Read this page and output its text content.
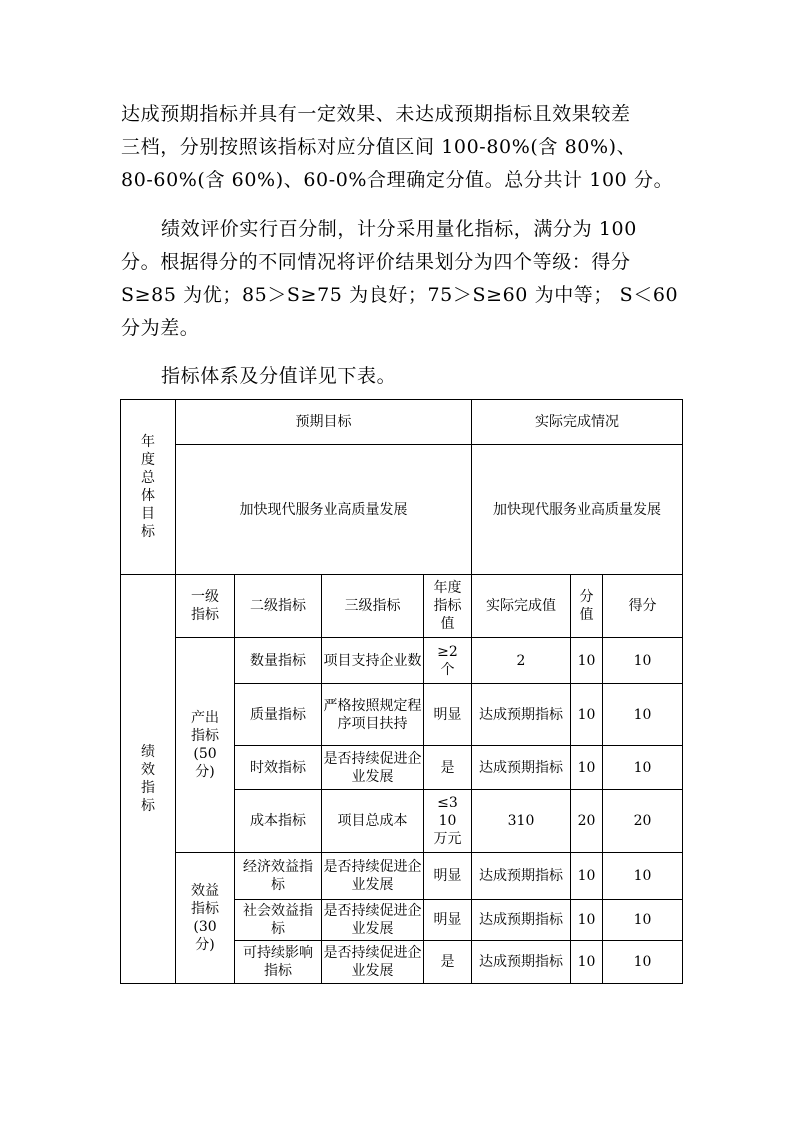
达成预期指标并具有一定效果、未达成预期指标且效果较差
三档，分别按照该指标对应分值区间 100-80%(含 80%)、
80-60%(含 60%)、60-0%合理确定分值。总分共计 100 分。
绩效评价实行百分制，计分采用量化指标，满分为 100
分。根据得分的不同情况将评价结果划分为四个等级：得分
S≥85 为优；85＞S≥75 为良好；75＞S≥60 为中等； S＜60
分为差。
指标体系及分值详见下表。
年度总体目标	预期目标				实际完成情况		
	加快现代服务业高质量发展				加快现代服务业高质量发展		
绩效指标	一级指标	二级指标	三级指标	年度指标值	实际完成值	分值	得分

	产出指标(50分)	数量指标	项目支持企业数	≥2个	2	10	10
		质量指标	严格按照规定程序项目扶持	明显	达成预期指标	10	10
		时效指标	是否持续促进企业发展	是	达成预期指标	10	10
		成本指标	项目总成本	≤310万元	310	20	20

	效益指标(30分)	经济效益指标	是否持续促进企业发展	明显	达成预期指标	10	10

		社会效益指标	是否持续促进企业发展	明显	达成预期指标	10	10

		可持续影响指标	是否持续促进企业发展	是	达成预期指标	10	10
